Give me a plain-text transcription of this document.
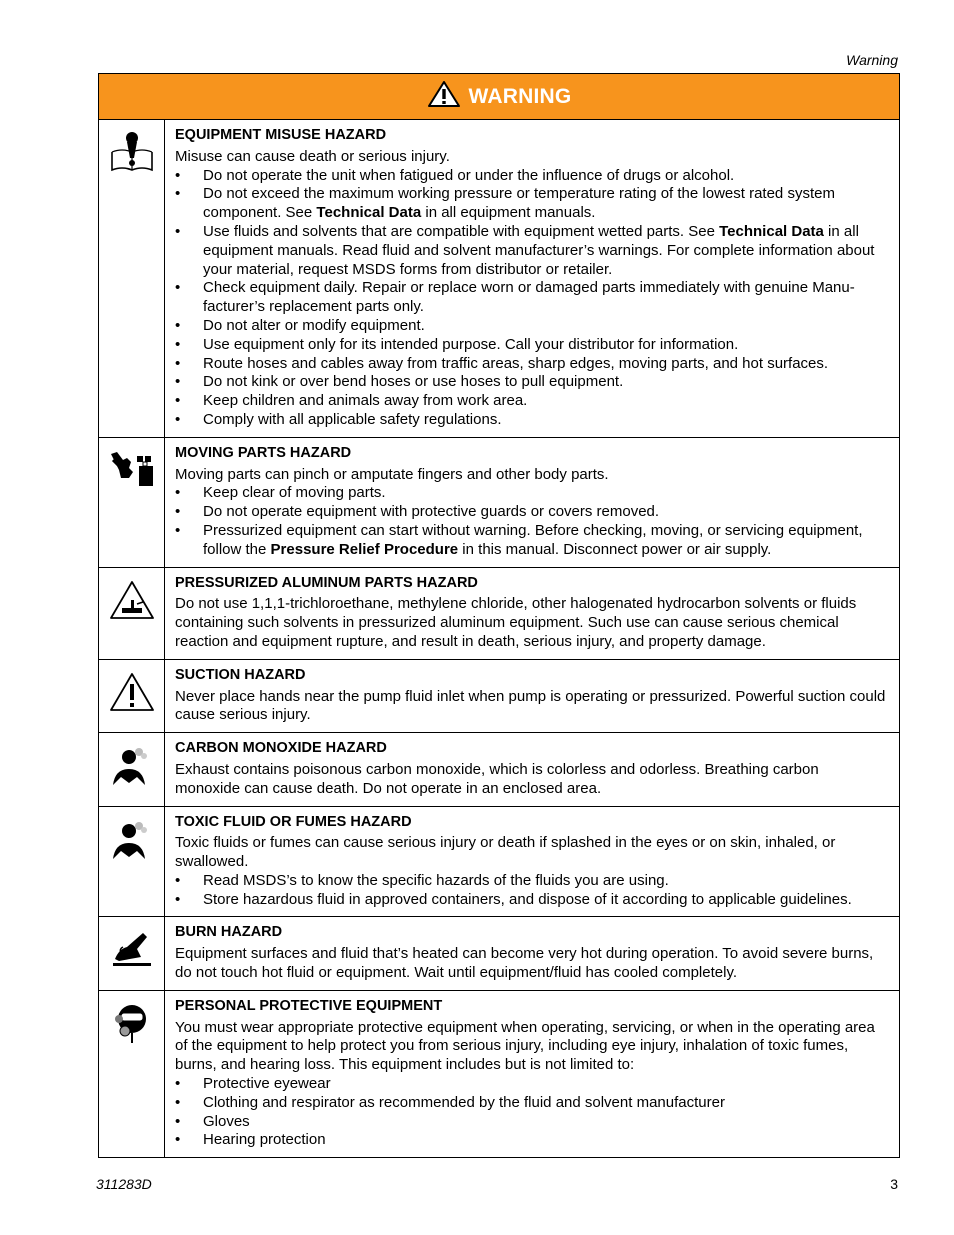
Warning
WARNING
EQUIPMENT MISUSE HAZARD
Misuse can cause death or serious injury.
• Do not operate the unit when fatigued or under the influence of drugs or alcohol.
• Do not exceed the maximum working pressure or temperature rating of the lowest rated system component. See Technical Data in all equipment manuals.
• Use fluids and solvents that are compatible with equipment wetted parts. See Technical Data in all equipment manuals. Read fluid and solvent manufacturer’s warnings. For complete information about your material, request MSDS forms from distributor or retailer.
• Check equipment daily. Repair or replace worn or damaged parts immediately with genuine Manufacturer’s replacement parts only.
• Do not alter or modify equipment.
• Use equipment only for its intended purpose. Call your distributor for information.
• Route hoses and cables away from traffic areas, sharp edges, moving parts, and hot surfaces.
• Do not kink or over bend hoses or use hoses to pull equipment.
• Keep children and animals away from work area.
• Comply with all applicable safety regulations.
MOVING PARTS HAZARD
Moving parts can pinch or amputate fingers and other body parts.
• Keep clear of moving parts.
• Do not operate equipment with protective guards or covers removed.
• Pressurized equipment can start without warning. Before checking, moving, or servicing equipment, follow the Pressure Relief Procedure in this manual. Disconnect power or air supply.
PRESSURIZED ALUMINUM PARTS HAZARD
Do not use 1,1,1-trichloroethane, methylene chloride, other halogenated hydrocarbon solvents or fluids containing such solvents in pressurized aluminum equipment. Such use can cause serious chemical reaction and equipment rupture, and result in death, serious injury, and property damage.
SUCTION HAZARD
Never place hands near the pump fluid inlet when pump is operating or pressurized. Powerful suction could cause serious injury.
CARBON MONOXIDE HAZARD
Exhaust contains poisonous carbon monoxide, which is colorless and odorless. Breathing carbon monoxide can cause death. Do not operate in an enclosed area.
TOXIC FLUID OR FUMES HAZARD
Toxic fluids or fumes can cause serious injury or death if splashed in the eyes or on skin, inhaled, or swallowed.
• Read MSDS’s to know the specific hazards of the fluids you are using.
• Store hazardous fluid in approved containers, and dispose of it according to applicable guidelines.
BURN HAZARD
Equipment surfaces and fluid that’s heated can become very hot during operation. To avoid severe burns, do not touch hot fluid or equipment. Wait until equipment/fluid has cooled completely.
PERSONAL PROTECTIVE EQUIPMENT
You must wear appropriate protective equipment when operating, servicing, or when in the operating area of the equipment to help protect you from serious injury, including eye injury, inhalation of toxic fumes, burns, and hearing loss. This equipment includes but is not limited to:
• Protective eyewear
• Clothing and respirator as recommended by the fluid and solvent manufacturer
• Gloves
• Hearing protection
311283D	3
